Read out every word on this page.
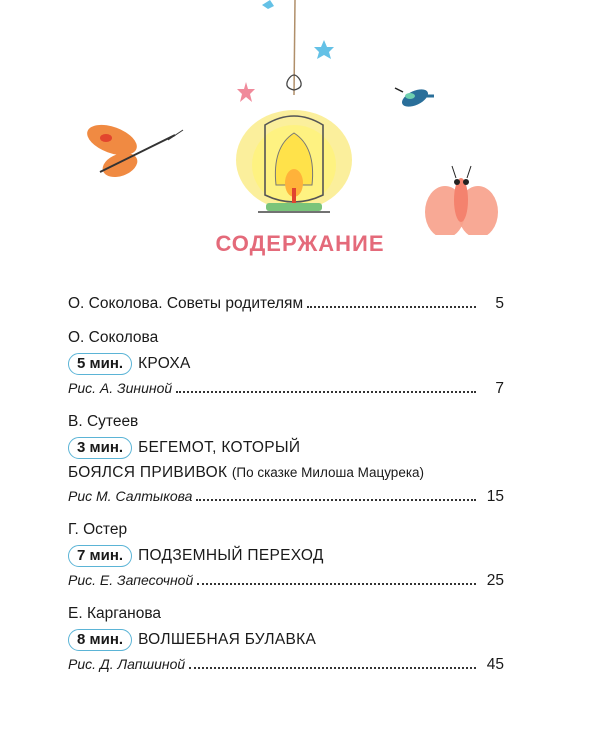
СОДЕРЖАНИЕ
О. Соколова. Советы родителям	5
О. Соколова
5 мин. КРОХА
Рис. А. Зининой	7
В. Сутеев
3 мин. БЕГЕМОТ, КОТОРЫЙ
БОЯЛСЯ ПРИВИВОК (По сказке Милоша Мацурека)
Рис М. Салтыкова	15
Г. Остер
7 мин. ПОДЗЕМНЫЙ ПЕРЕХОД
Рис. Е. Запесочной	25
Е. Карганова
8 мин. ВОЛШЕБНАЯ БУЛАВКА
Рис. Д. Лапшиной	45
